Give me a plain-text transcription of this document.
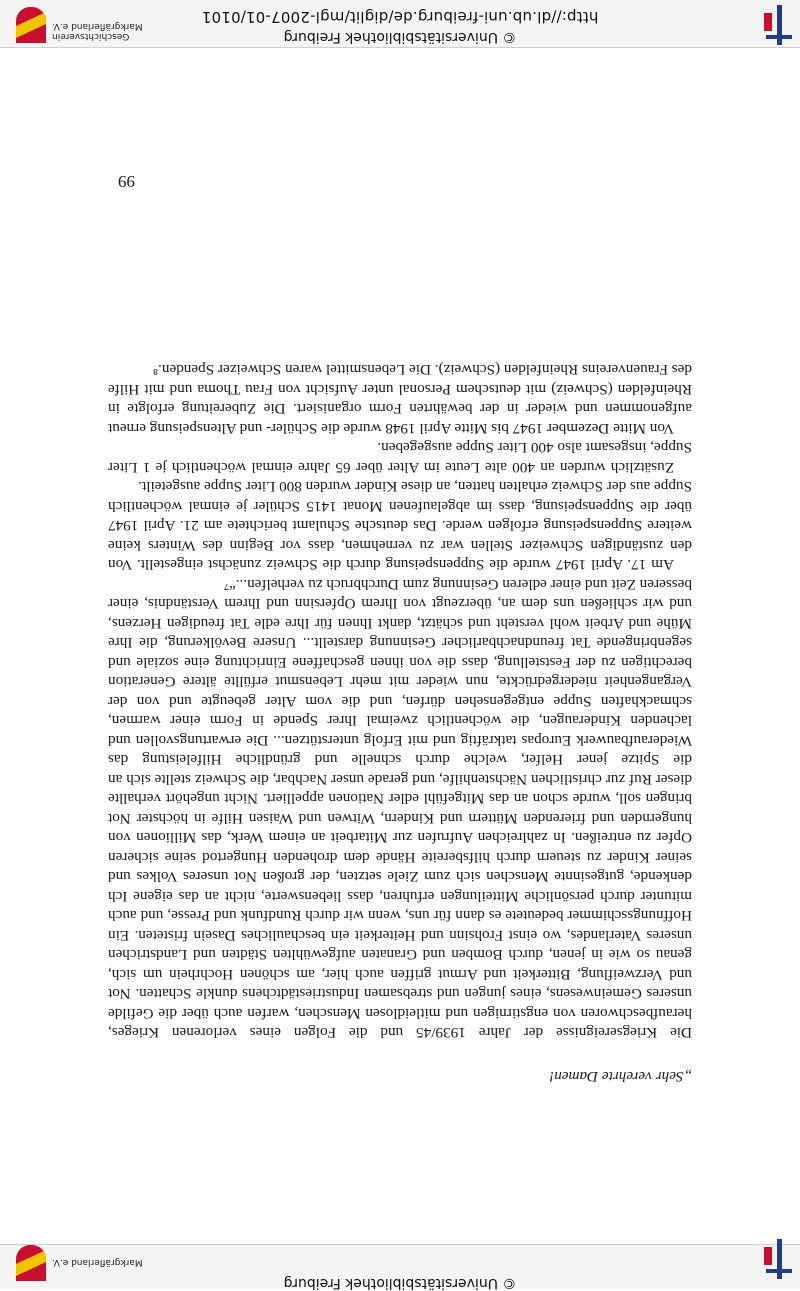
© Universitätsbibliothek Freiburg
Markgräflerland e.V.

„Sehr verehrte Damen!

Die Kriegsereignisse der Jahre 1939/45 und die Folgen eines verlorenen Krieges, heraufbeschworen von engstirnigen und mitleidlosen Menschen, warfen auch über die Gefilde unseres Gemeinwesens, eines jungen und strebsamen Industriestädtchens dunkle Schatten. Not und Verzweiflung, Bitterkeit und Armut griffen auch hier, am schönen Hochrhein um sich, genau so wie in jenen, durch Bomben und Granaten aufgewühlten Städten und Landstrichen unseres Vaterlandes, wo einst Frohsinn und Heiterkeit ein beschauliches Dasein fristeten. Ein Hoffnungsschimmer bedeutete es dann für uns, wenn wir durch Rundfunk und Presse, und auch mitunter durch persönliche Mitteilungen erfuhren, dass liebenswerte, nicht an das eigene Ich denkende, gutgesinnte Menschen sich zum Ziele setzten, der großen Not unseres Volkes und seiner Kinder zu steuern durch hilfsbereite Hände dem drohenden Hungertod seine sicheren Opfer zu entreißen. In zahlreichen Aufrufen zur Mitarbeit an einem Werk, das Millionen von hungernden und frierenden Müttern und Kindern, Witwen und Waisen Hilfe in höchster Not bringen soll, wurde schon an das Mitgefühl edler Nationen appelliert. Nicht ungehört verhallte dieser Ruf zur christlichen Nächstenhilfe, und gerade unser Nachbar, die Schweiz stellte sich an die Spitze jener Helfer, welche durch schnelle und gründliche Hilfeleistung das Wiederaufbauwerk Europas tatkräftig und mit Erfolg unterstützen... Die erwartungsvollen und lachenden Kinderaugen, die wöchentlich zweimal Ihrer Spende in Form einer warmen, schmackhaften Suppe entgegensehen dürfen, und die vom Alter gebeugte und von der Vergangenheit niedergedrückte, nun wieder mit mehr Lebensmut erfüllte ältere Generation berechtigen zu der Feststellung, dass die von ihnen geschaffene Einrichtung eine soziale und segenbringende Tat freundnachbarlicher Gesinnung darstellt... Unsere Bevölkerung, die Ihre Mühe und Arbeit wohl versteht und schätzt, dankt Ihnen für Ihre edle Tat freudigen Herzens, und wir schließen uns dem an, überzeugt von Ihrem Opfersinn und Ihrem Verständnis, einer besseren Zeit und einer edleren Gesinnung zum Durchbruch zu verhelfen...“⁷

Am 17. April 1947 wurde die Suppenspeisung durch die Schweiz zunächst eingestellt. Von den zuständigen Schweizer Stellen war zu vernehmen, dass vor Beginn des Winters keine weitere Suppenspeisung erfolgen werde. Das deutsche Schulamt berichtete am 21. April 1947 über die Suppenspeisung, dass im abgelaufenen Monat 1415 Schüler je einmal wöchentlich Suppe aus der Schweiz erhalten hatten, an diese Kinder wurden 800 Liter Suppe ausgeteilt.

Zusätzlich wurden an 400 alte Leute im Alter über 65 Jahre einmal wöchentlich je 1 Liter Suppe, insgesamt also 400 Liter Suppe ausgegeben.

Von Mitte Dezember 1947 bis Mitte April 1948 wurde die Schüler- und Altenspeisung erneut aufgenommen und wieder in der bewährten Form organisiert. Die Zubereitung erfolgte in Rheinfelden (Schweiz) mit deutschem Personal unter Aufsicht von Frau Thoma und mit Hilfe des Frauenvereins Rheinfelden (Schweiz). Die Lebensmittel waren Schweizer Spenden.⁸

99
© Universitätsbibliothek Freiburg
http://dl.ub.uni-freiburg.de/diglit/mgl-2007-01/0101
Geschichtsverein Markgräflerland e.V.
